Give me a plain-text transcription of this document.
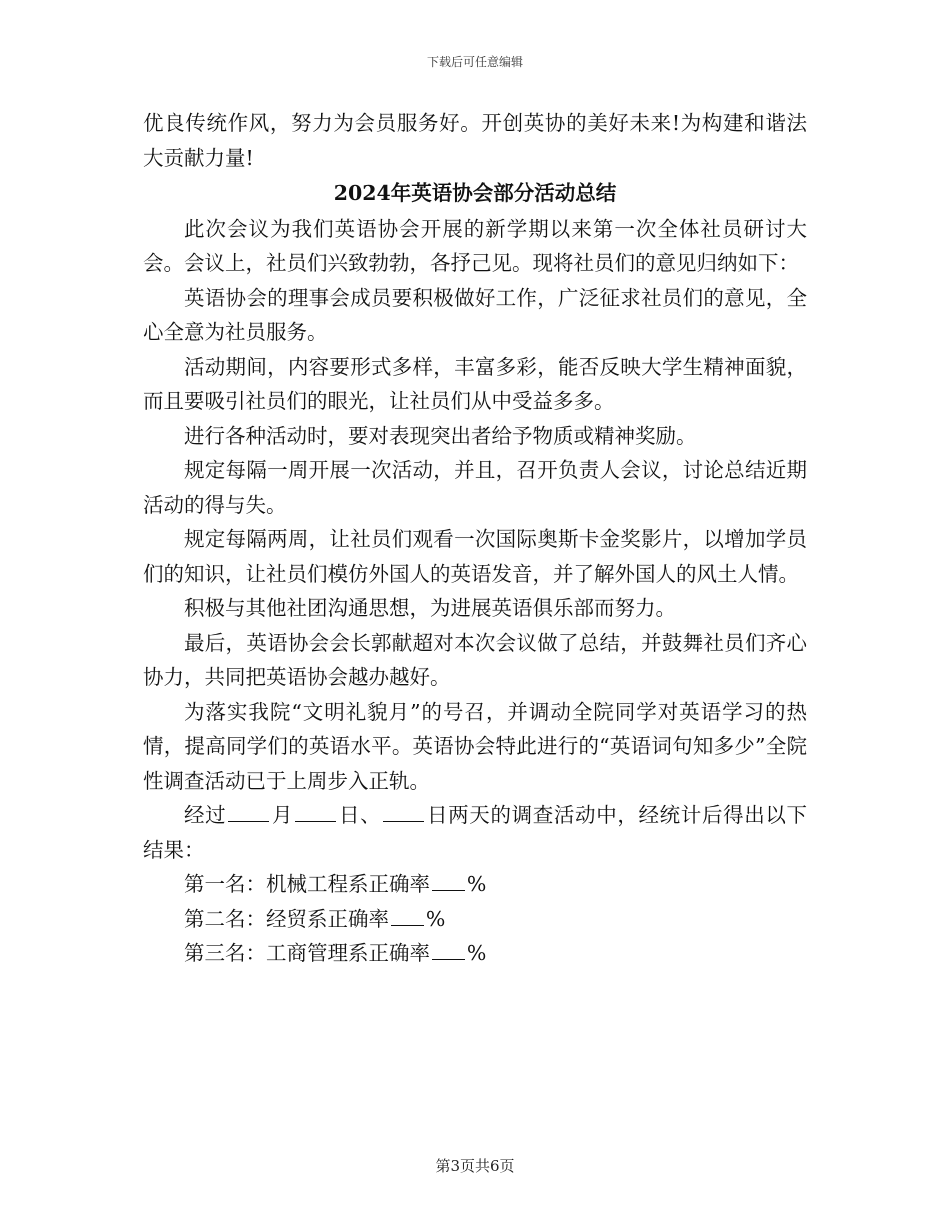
下载后可任意编辑

优良传统作风，努力为会员服务好。开创英协的美好未来!为构建和谐法大贡献力量!

2024年英语协会部分活动总结

此次会议为我们英语协会开展的新学期以来第一次全体社员研讨大会。会议上，社员们兴致勃勃，各抒己见。现将社员们的意见归纳如下：

英语协会的理事会成员要积极做好工作，广泛征求社员们的意见，全心全意为社员服务。

活动期间，内容要形式多样，丰富多彩，能否反映大学生精神面貌，而且要吸引社员们的眼光，让社员们从中受益多多。

进行各种活动时，要对表现突出者给予物质或精神奖励。

规定每隔一周开展一次活动，并且，召开负责人会议，讨论总结近期活动的得与失。

规定每隔两周，让社员们观看一次国际奥斯卡金奖影片，以增加学员们的知识，让社员们模仿外国人的英语发音，并了解外国人的风土人情。

积极与其他社团沟通思想，为进展英语俱乐部而努力。

最后，英语协会会长郭献超对本次会议做了总结，并鼓舞社员们齐心协力，共同把英语协会越办越好。

为落实我院“文明礼貌月”的号召，并调动全院同学对英语学习的热情，提高同学们的英语水平。英语协会特此进行的“英语词句知多少”全院性调查活动已于上周步入正轨。

经过 月 日、 日两天的调查活动中，经统计后得出以下结果：

第一名：机械工程系正确率 %

第二名：经贸系正确率 %

第三名：工商管理系正确率 %

第3页共6页
